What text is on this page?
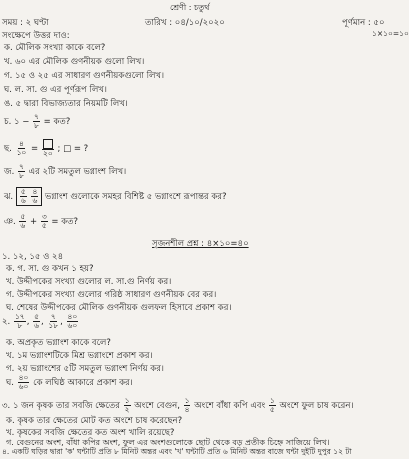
শ্রেণী : চতুর্থ
সময় : ২ ঘণ্টা	তারিখ : ০৪/১০/২০২০	পূর্ণমান : ৫০
১×১০=১০
সংক্ষেপে উত্তর দাও:
ক. মৌলিক সংখ্যা কাকে বলে?
খ. ৬০ এর মৌলিক গুণনীয়ক গুলো লিখ।
গ. ১৫ ও ২৫ এর সাধারণ গুণনীয়কগুলো লিখ।
ঘ. ল. সা. গু এর পূর্ণরূপ লিখ।
ঙ. ৫ দ্বারা বিভাজ্যতার নিয়মটি লিখ।
চ. ১ − $\frac{৭}{৮}$ = কত?
ছ. $\frac{৪}{১০}$ = ২০ ; □ = ?
জ. $\frac{৭}{৮}$ এর ২টি সমতুল ভগ্নাংশ লিখ।
ঝ. $\frac{৫}{৬}$
$\frac{৪}{৬}$ ভগ্নাংশ গুলোকে সমহর বিশিষ্ট ৫ ভগ্নাংশে রূপান্তর কর?
ঞ. $\frac{৫}{৬} + \frac{৩}{৫}$ = কত?
সৃজনশীল প্রশ্ন : ৪×১০=৪০
১. ১২, ১৫ ও ২৪
ক. গ. সা. গু কখন ১ হয়?
খ. উদ্দীপকের সংখ্যা গুলোর ল. সা.গু নির্ণয় কর।
গ. উদ্দীপকের সংখ্যা গুলোর গরিষ্ঠ সাধারণ গুণনীয়ক বের কর।
ঘ. শেষের উদ্দীপকের মৌলিক গুণনীয়ক গুলফল হিসাবে প্রকাশ কর।
২. $\frac{১৭}{৮}$ , $\frac{৫}{৬}$ , $\frac{৭}{১৮}$ , $\frac{৪০}{৬০}$
ক. অপ্রকৃত ভগ্নাংশ কাকে বলে?
খ. ১ম ভগ্নাংশটিকে মিশ্র ভগ্নাংশে প্রকাশ কর।
গ. ২য় ভগ্নাংশের ৫টি সমতুল ভগ্নাংশ নির্ণয় কর।
ঘ. $\frac{৪০}{৬০}$ কে লঘিষ্ঠ আকারে প্রকাশ কর।
৩. ১ জন কৃষক তার সবজি ক্ষেতের $\frac{১}{২}$ অংশে বেগুন, $\frac{১}{৪}$ অংশে বাঁধা কপি এবং $\frac{১}{৫}$ অংশে ফুল চাষ করেন।
ক. কৃষক তার ক্ষেতের মোট কত অংশে চাষ করেছেন?
খ. কৃষকের সবজি ক্ষেতের কত অংশ খালি রয়েছে?
গ. বেগুনের অংশ, বাঁধা কপির অংশ, ফুল এর অংশগুলোকে ছোট থেকে বড় প্রতীক চিহ্নে সাজিয়ে লিখ।
৪. একটি ঘড়ির দ্বারা 'ক' ঘন্টাটি প্রতি ৮ মিনিট অন্তর এবং 'খ' ঘন্টাটি প্রতি ৬ মিনিট অন্তর বাজে ঘন্টা দুইটি দুপুর ১২ টা
